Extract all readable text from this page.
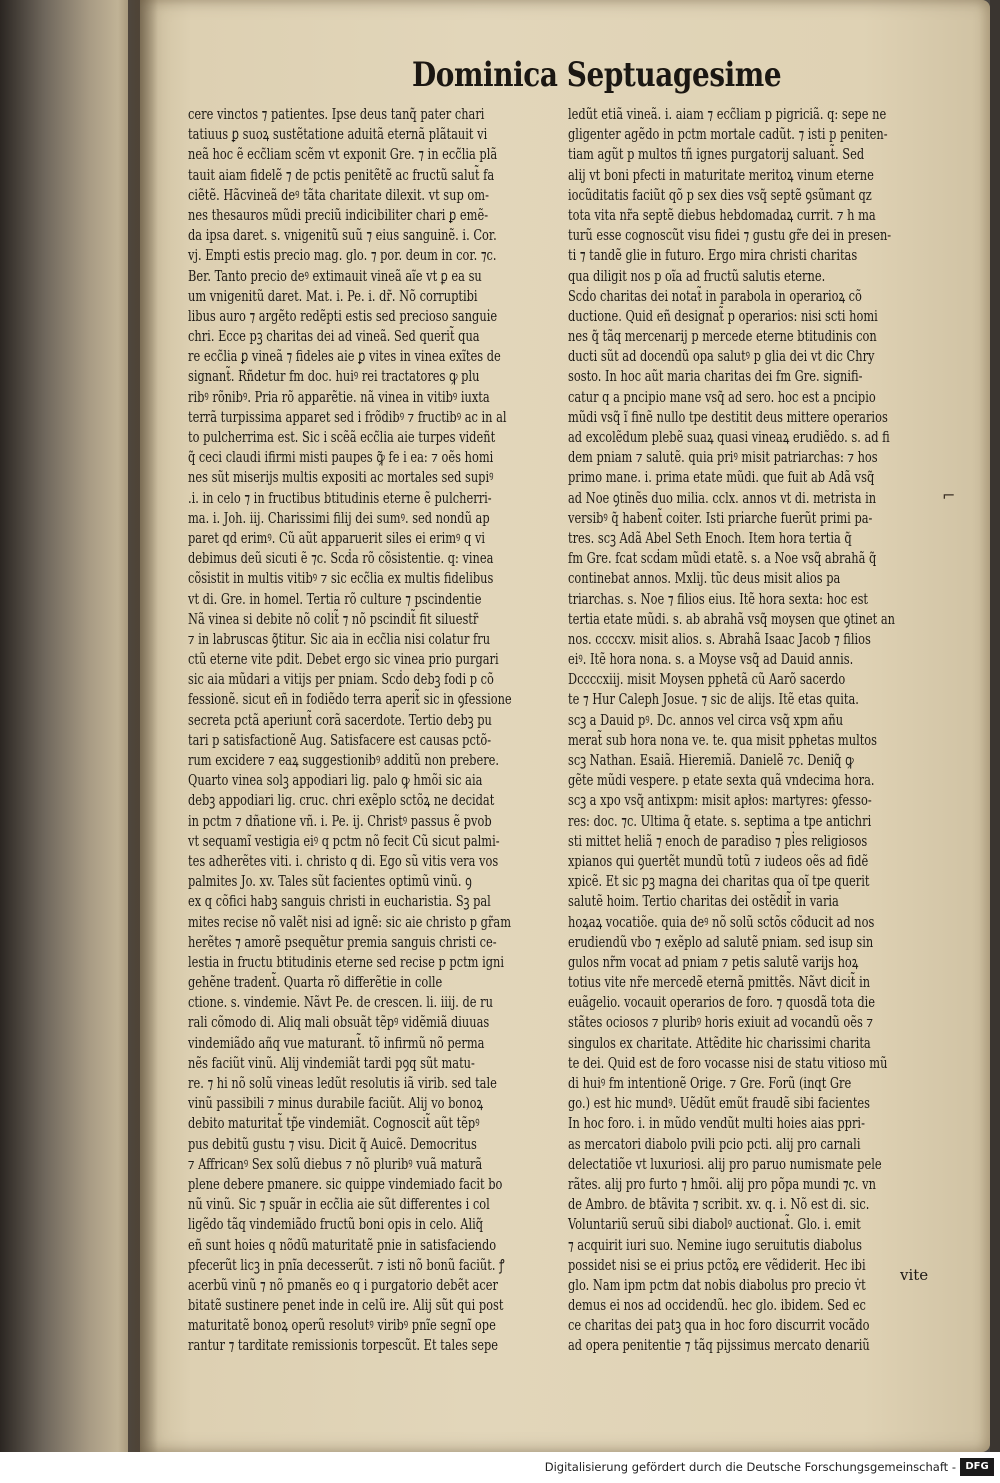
Dominica Septuagesime
cere vinctos ⁊ patientes. Ipse deus tanq̃ pater chari
tatiuus ꝑ suoꝝ sustẽtatione aduitã eternã plãtauit vi
neã hoc ẽ ecc̃liam scẽm vt exponit Gre. ⁊ in ecc̃lia plã
tauit aiam fidelẽ ⁊ de pctis penitẽtẽ ac fructũ salut̃ fa
ciẽtẽ. Hãcvineã deꝰ tãta charitate dilexit. vt sup om-
nes thesauros mũdi preciũ indicibiliter chari ꝑ emẽ-
da ipsa daret. s. vnigenitũ suũ ⁊ eius sanguinẽ. i. Cor.
vj. Empti estis precio mag. glo. ⁊ por. deum in cor. ⁊c.
Ber. Tanto precio deꝰ extimauit vineã aĩe vt ꝑ ea su
um vnigenitũ daret. Mat. i. Pe. i. dr̃. Nõ corruptibi
libus auro ⁊ argẽto redẽpti estis sed precioso sangui̇e
chri. Ecce pꝫ charitas dei ad vineã. Sed querit̃ qua
re ecc̃lia ꝑ vineã ⁊ fideles aie ꝑ vites in vinea exĩtes de
signant̃. Rñdetur fm doc. huiꝰ rei tractatores ꝙ plu
ribꝰ rõnibꝰ. Pria rõ apparẽtie. nã vinea in vitibꝰ iuxta
terrã turpissima apparet sed i frõdibꝰ ⁊ fructibꝰ ac in al
to pulcherrima est. Sic i scẽã ecc̃lia aie turpes videñt
q̃ ceci claudi ifirmi misti paupes ꝙ̃ fe i ea: ⁊ oẽs homi
nes sũt miserijs multis expositi ac mortales sed supiꝰ
.i. in celo ⁊ in fructibus btitudinis eterne ẽ pulcherri-
ma. i. Joh. iij. Charissimi filij dei sumꝰ. sed nondũ ap
paret qd erimꝰ. Cũ aũt apparuerit siles ei erimꝰ q vi
debimus deũ sicuti ẽ ⁊c. Scḋa rõ cõsistentie. q: vinea
cõsistit in multis vitibꝰ ⁊ sic ecc̃lia ex multis fidelibus
vt di. Gre. in homel. Tertia rõ culture ⁊ pscindentie
Nã vinea si debite nõ colit̃ ⁊ nõ pscindit̃ fit siluestr̃
⁊ in labruscas ꝯ̃titur. Sic aia in ecc̃lia nisi colatur fru
ctũ eterne vite pdit. Debet ergo sic vinea prio purgari
sic aia mũdari a vitijs per pniam. Scḋo debꝫ fodi p cõ
fessionẽ. sicut eñ in fodiẽdo terra aperit̃ sic in ꝯfessione
secreta pctã aperiunt̃ corã sacerdote. Tertio debꝫ pu
tari p satisfactionẽ Aug. Satisfacere est causas pctõ-
rum excidere ⁊ eaꝝ suggestionibꝰ additũ non prebere.
Quarto vinea solꝫ appodiari lig. palo ꝙ hmõi sic aia
debꝫ appodiari lig. cruc. chri exẽplo sctõꝝ ne decidat
in pctm ⁊ dñatione vñ. i. Pe. ij. Christꝰ passus ẽ pvob
vt sequamĩ vestigia eiꝰ q pctm nõ fecit Cũ sicut palmi-
tes adherẽtes viti. i. christo q di. Ego sũ vitis vera vos
palmites Jo. xv. Tales sũt facientes optimũ vinũ. ꝯ
ex q cõfici habꝫ sanguis christi in eucharistia. Sꝫ pal
mites recise nõ valẽt nisi ad ignẽ: sic aie christo p gr̃am
herẽtes ⁊ amorẽ psequẽtur premia sanguis christi ce-
lestia in fructu btitudinis eterne sed recise p pctm igni
gehẽne tradent̃. Quarta rõ differẽtie in colle
ctione. s. vindemie. Nãvt Pe. de crescen. li. iiij. de ru
rali cõmodo di. Aliq mali obsuãt tẽpꝰ vidẽmiã diuuas
vindemiãdo añq vue maturant̃. tõ infirmũ nõ perma
nẽs faciũt vinũ. Alij vindemiãt tardi pꝯq sũt matu-
re. ⁊ hi nõ solũ vineas ledũt resolutis iã virib. sed tale
vinũ passibili ⁊ minus durabile faciũt. Alij vo bonoꝝ
debito maturitat̃ tp̃e vindemiãt. Cognoscit̃ aũt tẽpꝰ
pus debitũ gustu ⁊ visu. Dicit q̃ Auicẽ. Democritus
⁊ Affricanꝰ Sex solũ diebus ⁊ nõ pluribꝰ vuã maturã
plene debere pmanere. sic quippe vindemiado facit bo
nũ vinũ. Sic ⁊ spuãr in ecc̃lia aie sũt differentes i col
ligẽdo tãq vindemiãdo fructũ boni opis in celo. Aliq̃
eñ sunt hoies q nõdũ maturitatẽ pnie in satisfaciendo
pfecerũt licꝫ in pnĩa decesserũt. ⁊ isti nõ bonũ faciũt. ꝭ
acerbũ vinũ ⁊ nõ pmanẽs eo q i purgatorio debẽt acer
bitatẽ sustinere penet inde in celũ ire. Alij sũt qui post
maturitatẽ bonoꝝ operũ resolutꝰ viribꝰ pnĩe segnĩ ope
rantur ⁊ tarditate remissionis torpescũt. Et tales sepe
ledũt etiã vineã. i. aiam ⁊ ecc̃liam p pigriciã. q: sepe ne
gligenter agẽdo in pctm mortale cadũt. ⁊ isti p peniten-
tiam agũt p multos tñ ignes purgatorij saluant̃. Sed
alij vt boni pfecti in maturitate meritoꝝ vinum eterne
iocũditatis faciũt qõ p sex dies vsq̃ septẽ ꝯsũmant qz
tota vita nr̃a septẽ diebus hebdomadaꝝ currit. ⁊ h ma
turũ esse cognoscũt visu fidei ⁊ gustu gr̃e dei in presen-
ti ⁊ tandẽ glie in futuro. Ergo mira christi charitas
qua diligit nos p oĩa ad fructũ salutis eterne.
Scḋo charitas dei notat̃ in parabola in operarioꝝ cõ
ductione. Quid eñ designat̃ p operarios: nisi scti homi
nes q̃ tãq mercenarij p mercede eterne btitudinis con
ducti sũt ad docendũ opa salutꝰ p glia dei vt dic Chry
sosto. In hoc aũt maria charitas dei fm Gre. signifi-
catur q a pncipio mane vsq̃ ad sero. hoc est a pncipio
mũdi vsq̃ ĩ finẽ nullo tpe destitit deus mittere operarios
ad excolẽdum plebẽ suaꝝ quasi vineaꝝ erudiẽdo. s. ad fi
dem pniam ⁊ salutẽ. quia priꝰ misit patriarchas: ⁊ hos
primo mane. i. prima etate mũdi. que fuit ab Adã vsq̃
ad Noe ꝯtinẽs duo milia. cclx. annos vt di. metrista in
versibꝰ q̃ habent̃ coiter. Isti pri̇arche fuerũt primi pa-
tres. scꝫ Adã Abel Seth Enoch. Item hora tertia q̃
fm Gre. fcat scḋam mũdi etatẽ. s. a Noe vsq̃ abrahã q̃
continebat annos. Mxlij. tũc deus misit alios pa
triarchas. s. Noe ⁊ filios eius. Itẽ hora sexta: hoc est
tertia etate mũdi. s. ab abrahã vsq̃ moysen que ꝯtinet an
nos. ccccxv. misit alios. s. Abrahã Isaac Jacob ⁊ filios
eiꝰ. Itẽ hora nona. s. a Moyse vsq̃ ad Dauid annis.
Dccccxiij. misit Moysen pphetã cũ Aarõ sacerdo
te ⁊ Hur Caleph Josue. ⁊ sic de alijs. Itẽ etas quita.
scꝫ a Dauid pꝰ. Dc. annos vel circa vsq̃ xpm añu
merat̃ sub hora nona ve. te. qua misit pphetas multos
scꝫ Nathan. Esaiã. Hieremiã. Danielẽ ⁊c. Deniq̃ ꝙ
gẽte mũdi vespere. p etate sexta quã vndecima hora.
scꝫ a xpo vsq̃ antixpm: misit apłos: martyres: ꝯfesso-
res: doc. ⁊c. Ultima q̃ etate. s. septima a tpe antichri
sti mittet heliã ⁊ enoch de paradiso ⁊ pl̇es religiosos
xpianos qui ꝯuertẽt mundũ totũ ⁊ iudeos oẽs ad fidẽ
xpicẽ. Et sic pꝫ magna dei charitas qua oĩ tpe querit
salutẽ hoim. Tertio charitas dei ostẽdit̃ in varia
hoꝝaꝝ vocatiõe. quia deꝰ nõ solũ sctõs cõducit ad nos
erudiendũ vbo ⁊ exẽplo ad salutẽ pniam. sed isup sin
gulos nr̃m vocat ad pniam ⁊ petis salutẽ varijs hoꝝ
totius vite nr̃e mercedẽ eternã pmittẽs. Nãvt dicit̃ in
euãgelio. vocauit operarios de foro. ⁊ quosdã tota die
stãtes ociosos ⁊ pluribꝰ horis exiuit ad vocandũ oẽs ⁊
singulos ex charitate. Attẽdite hic charissimi charita
te dei. Quid est de foro vocasse nisi de statu vitioso mũ
di huiꝰ fm intentionẽ Orige. ⁊ Gre. Forũ (inqt Gre
go.) est hic mundꝰ. Uẽdũt emũt fraudẽ sibi facientes
In hoc foro. i. in mũdo vendũt multi hoies aias ppri-
as mercatori diabolo pvili pcio pcti. alij pro carnali
delectatiõe vt luxuriosi. alij pro paruo numismate pele
rãtes. alij pro furto ⁊ hmõi. alij pro põpa mundi ⁊c. vn
de Ambro. de btãvita ⁊ scribit. xv. q. i. Nõ est di. sic.
Voluntariũ seruũ sibi diabolꝰ auctionat̃. Glo. i. emit
⁊ acquirit iuri suo. Nemine iugo seruitutis diabolus
possidet nisi se ei prius pctõꝝ ere vẽdiderit. Hec ibi
glo. Nam ipm pctm dat nobis diabolus pro precio v̇t
demus ei nos ad occidendũ. hec glo. ibidem. Sed ec
ce charitas dei patꝫ qua in hoc foro discurrit vocãdo
ad opera penitentie ⁊ tãq pijssimus mercato denariũ
⌐
vite
Digitalisierung gefördert durch die Deutsche Forschungsgemeinschaft - DFG
